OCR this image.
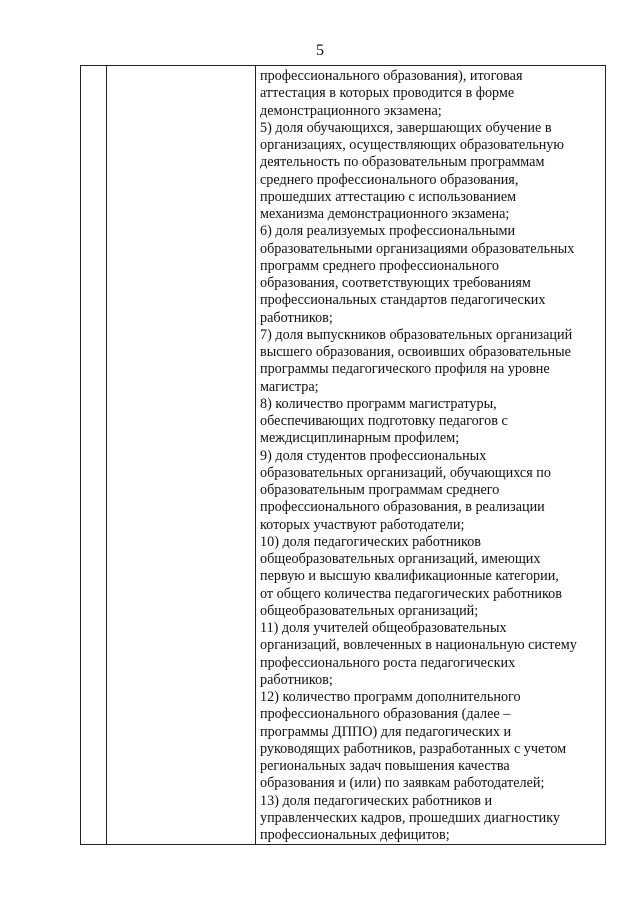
5
профессионального образования), итоговая
аттестация в которых проводится в форме
демонстрационного экзамена;
5) доля обучающихся, завершающих обучение в
организациях, осуществляющих образовательную
деятельность по образовательным программам
среднего профессионального образования,
прошедших аттестацию с использованием
механизма демонстрационного экзамена;
6) доля реализуемых профессиональными
образовательными организациями образовательных
программ среднего профессионального
образования, соответствующих требованиям
профессиональных стандартов педагогических
работников;
7) доля выпускников образовательных организаций
высшего образования, освоивших образовательные
программы педагогического профиля на уровне
магистра;
8) количество программ магистратуры,
обеспечивающих подготовку педагогов с
междисциплинарным профилем;
9) доля студентов профессиональных
образовательных организаций, обучающихся по
образовательным программам среднего
профессионального образования, в реализации
которых участвуют работодатели;
10) доля педагогических работников
общеобразовательных организаций, имеющих
первую и высшую квалификационные категории,
от общего количества педагогических работников
общеобразовательных организаций;
11) доля учителей общеобразовательных
организаций, вовлеченных в национальную систему
профессионального роста педагогических
работников;
12) количество программ дополнительного
профессионального образования (далее –
программы ДППО) для педагогических и
руководящих работников, разработанных с учетом
региональных задач повышения качества
образования и (или) по заявкам работодателей;
13) доля педагогических работников и
управленческих кадров, прошедших диагностику
профессиональных дефицитов;
